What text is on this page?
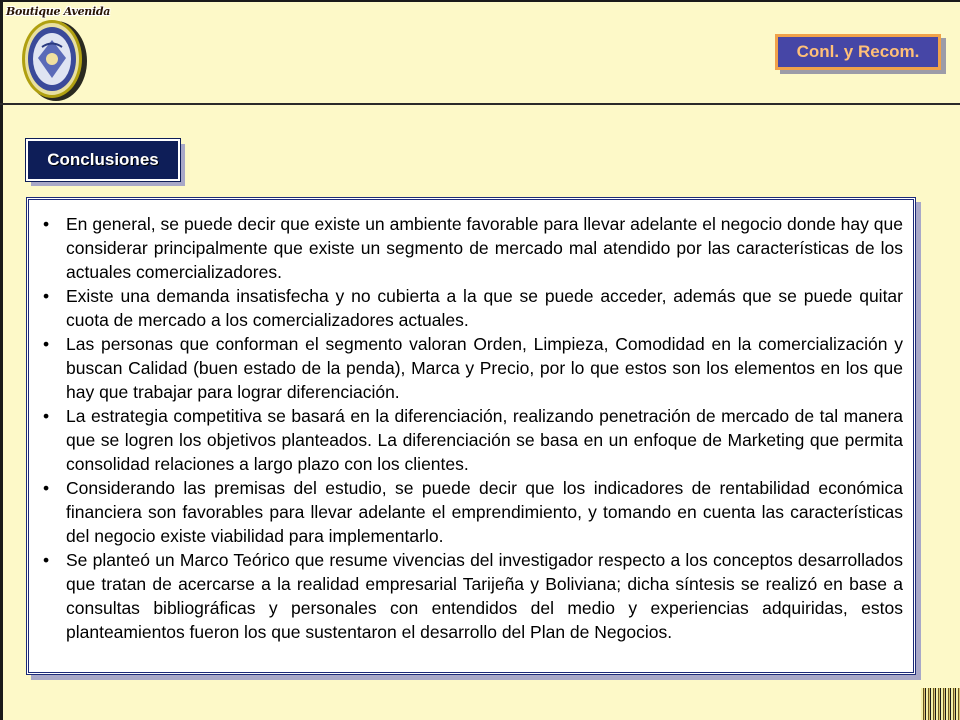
Boutique Avenida
Conl. y Recom.
Conclusiones
• En general, se puede decir que existe un ambiente favorable para llevar adelante el negocio donde hay que considerar principalmente que existe un segmento de mercado mal atendido por las características de los actuales comercializadores.
• Existe una demanda insatisfecha y no cubierta a la que se puede acceder, además que se puede quitar cuota de mercado a los comercializadores actuales.
• Las personas que conforman el segmento valoran Orden, Limpieza, Comodidad en la comercialización y buscan Calidad (buen estado de la penda), Marca y Precio, por lo que estos son los elementos en los que hay que trabajar para lograr diferenciación.
• La estrategia competitiva se basará en la diferenciación, realizando penetración de mercado de tal manera que se logren los objetivos planteados. La diferenciación se basa en un enfoque de Marketing que permita consolidad relaciones a largo plazo con los clientes.
• Considerando las premisas del estudio, se puede decir que los indicadores de rentabilidad económica financiera son favorables para llevar adelante el emprendimiento, y tomando en cuenta las características del negocio existe viabilidad para implementarlo.
• Se planteó un Marco Teórico que resume vivencias del investigador respecto a los conceptos desarrollados que tratan de acercarse a la realidad empresarial Tarijeña y Boliviana; dicha síntesis se realizó en base a consultas bibliográficas y personales con entendidos del medio y experiencias adquiridas, estos planteamientos fueron los que sustentaron el desarrollo del Plan de Negocios.
